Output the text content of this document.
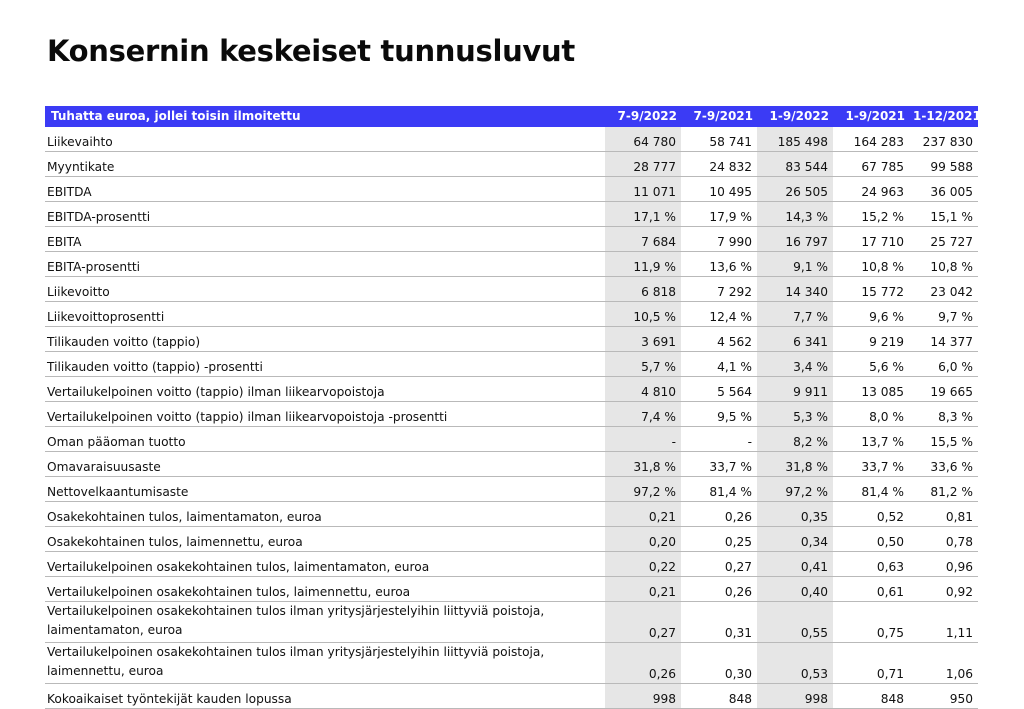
Konsernin keskeiset tunnusluvut
Tuhatta euroa, jollei toisin ilmoitettu	7-9/2022	7-9/2021	1-9/2022	1-9/2021	1-12/2021
Liikevaihto	64 780	58 741	185 498	164 283	237 830
Myyntikate	28 777	24 832	83 544	67 785	99 588
EBITDA	11 071	10 495	26 505	24 963	36 005
EBITDA-prosentti	17,1 %	17,9 %	14,3 %	15,2 %	15,1 %
EBITA	7 684	7 990	16 797	17 710	25 727
EBITA-prosentti	11,9 %	13,6 %	9,1 %	10,8 %	10,8 %
Liikevoitto	6 818	7 292	14 340	15 772	23 042
Liikevoittoprosentti	10,5 %	12,4 %	7,7 %	9,6 %	9,7 %
Tilikauden voitto (tappio)	3 691	4 562	6 341	9 219	14 377
Tilikauden voitto (tappio) -prosentti	5,7 %	4,1 %	3,4 %	5,6 %	6,0 %
Vertailukelpoinen voitto (tappio) ilman liikearvopoistoja	4 810	5 564	9 911	13 085	19 665
Vertailukelpoinen voitto (tappio) ilman liikearvopoistoja -prosentti	7,4 %	9,5 %	5,3 %	8,0 %	8,3 %
Oman pääoman tuotto	-	-	8,2 %	13,7 %	15,5 %
Omavaraisuusaste	31,8 %	33,7 %	31,8 %	33,7 %	33,6 %
Nettovelkaantumisaste	97,2 %	81,4 %	97,2 %	81,4 %	81,2 %
Osakekohtainen tulos, laimentamaton, euroa	0,21	0,26	0,35	0,52	0,81
Osakekohtainen tulos, laimennettu, euroa	0,20	0,25	0,34	0,50	0,78
Vertailukelpoinen osakekohtainen tulos, laimentamaton, euroa	0,22	0,27	0,41	0,63	0,96
Vertailukelpoinen osakekohtainen tulos, laimennettu, euroa	0,21	0,26	0,40	0,61	0,92
Vertailukelpoinen osakekohtainen tulos ilman yritysjärjestelyihin liittyviä poistoja, laimentamaton, euroa	0,27	0,31	0,55	0,75	1,11
Vertailukelpoinen osakekohtainen tulos ilman yritysjärjestelyihin liittyviä poistoja, laimennettu, euroa	0,26	0,30	0,53	0,71	1,06
Kokoaikaiset työntekijät kauden lopussa	998	848	998	848	950
